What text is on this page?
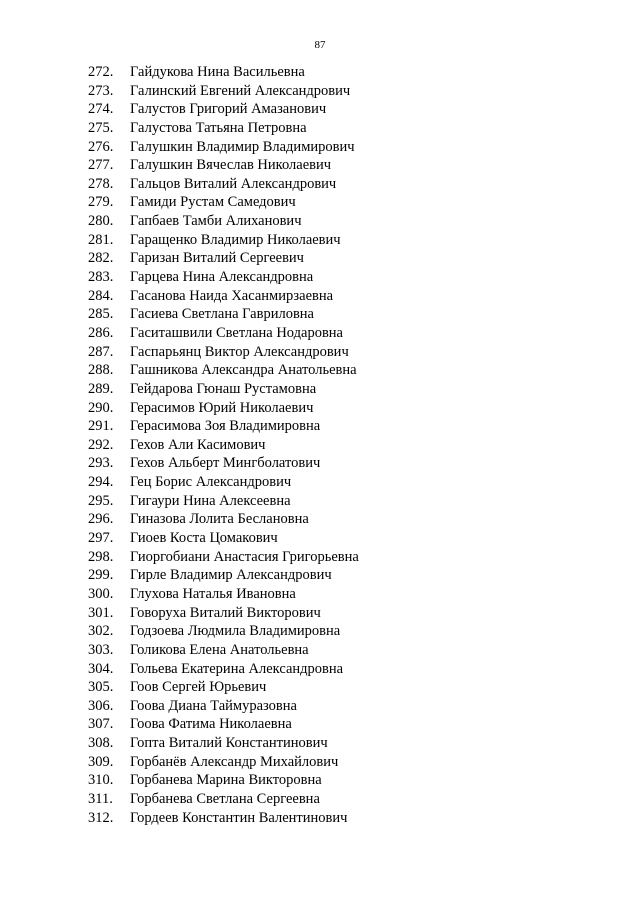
87
272.	Гайдукова Нина Васильевна
273.	Галинский Евгений Александрович
274.	Галустов Григорий Амазанович
275.	Галустова Татьяна Петровна
276.	Галушкин Владимир Владимирович
277.	Галушкин Вячеслав Николаевич
278.	Гальцов Виталий Александрович
279.	Гамиди Рустам Самедович
280.	Гапбаев Тамби Алиханович
281.	Гаращенко Владимир Николаевич
282.	Гаризан Виталий Сергеевич
283.	Гарцева Нина Александровна
284.	Гасанова Наида Хасанмирзаевна
285.	Гасиева Светлана Гавриловна
286.	Гаситашвили Светлана Нодаровна
287.	Гаспарьянц Виктор Александрович
288.	Гашникова Александра Анатольевна
289.	Гейдарова Гюнаш Рустамовна
290.	Герасимов Юрий Николаевич
291.	Герасимова Зоя Владимировна
292.	Гехов Али Касимович
293.	Гехов Альберт Мингболатович
294.	Гец Борис Александрович
295.	Гигаури Нина Алексеевна
296.	Гиназова Лолита Беслановна
297.	Гиоев Коста Цомакович
298.	Гиоргобиани Анастасия Григорьевна
299.	Гирле Владимир Александрович
300.	Глухова Наталья Ивановна
301.	Говоруха Виталий Викторович
302.	Годзоева Людмила Владимировна
303.	Голикова Елена Анатольевна
304.	Гольева Екатерина Александровна
305.	Гоов Сергей Юрьевич
306.	Гоова Диана Таймуразовна
307.	Гоова Фатима Николаевна
308.	Гопта Виталий Константинович
309.	Горбанёв Александр Михайлович
310.	Горбанева Марина Викторовна
311.	Горбанева Светлана Сергеевна
312.	Гордеев Константин Валентинович
